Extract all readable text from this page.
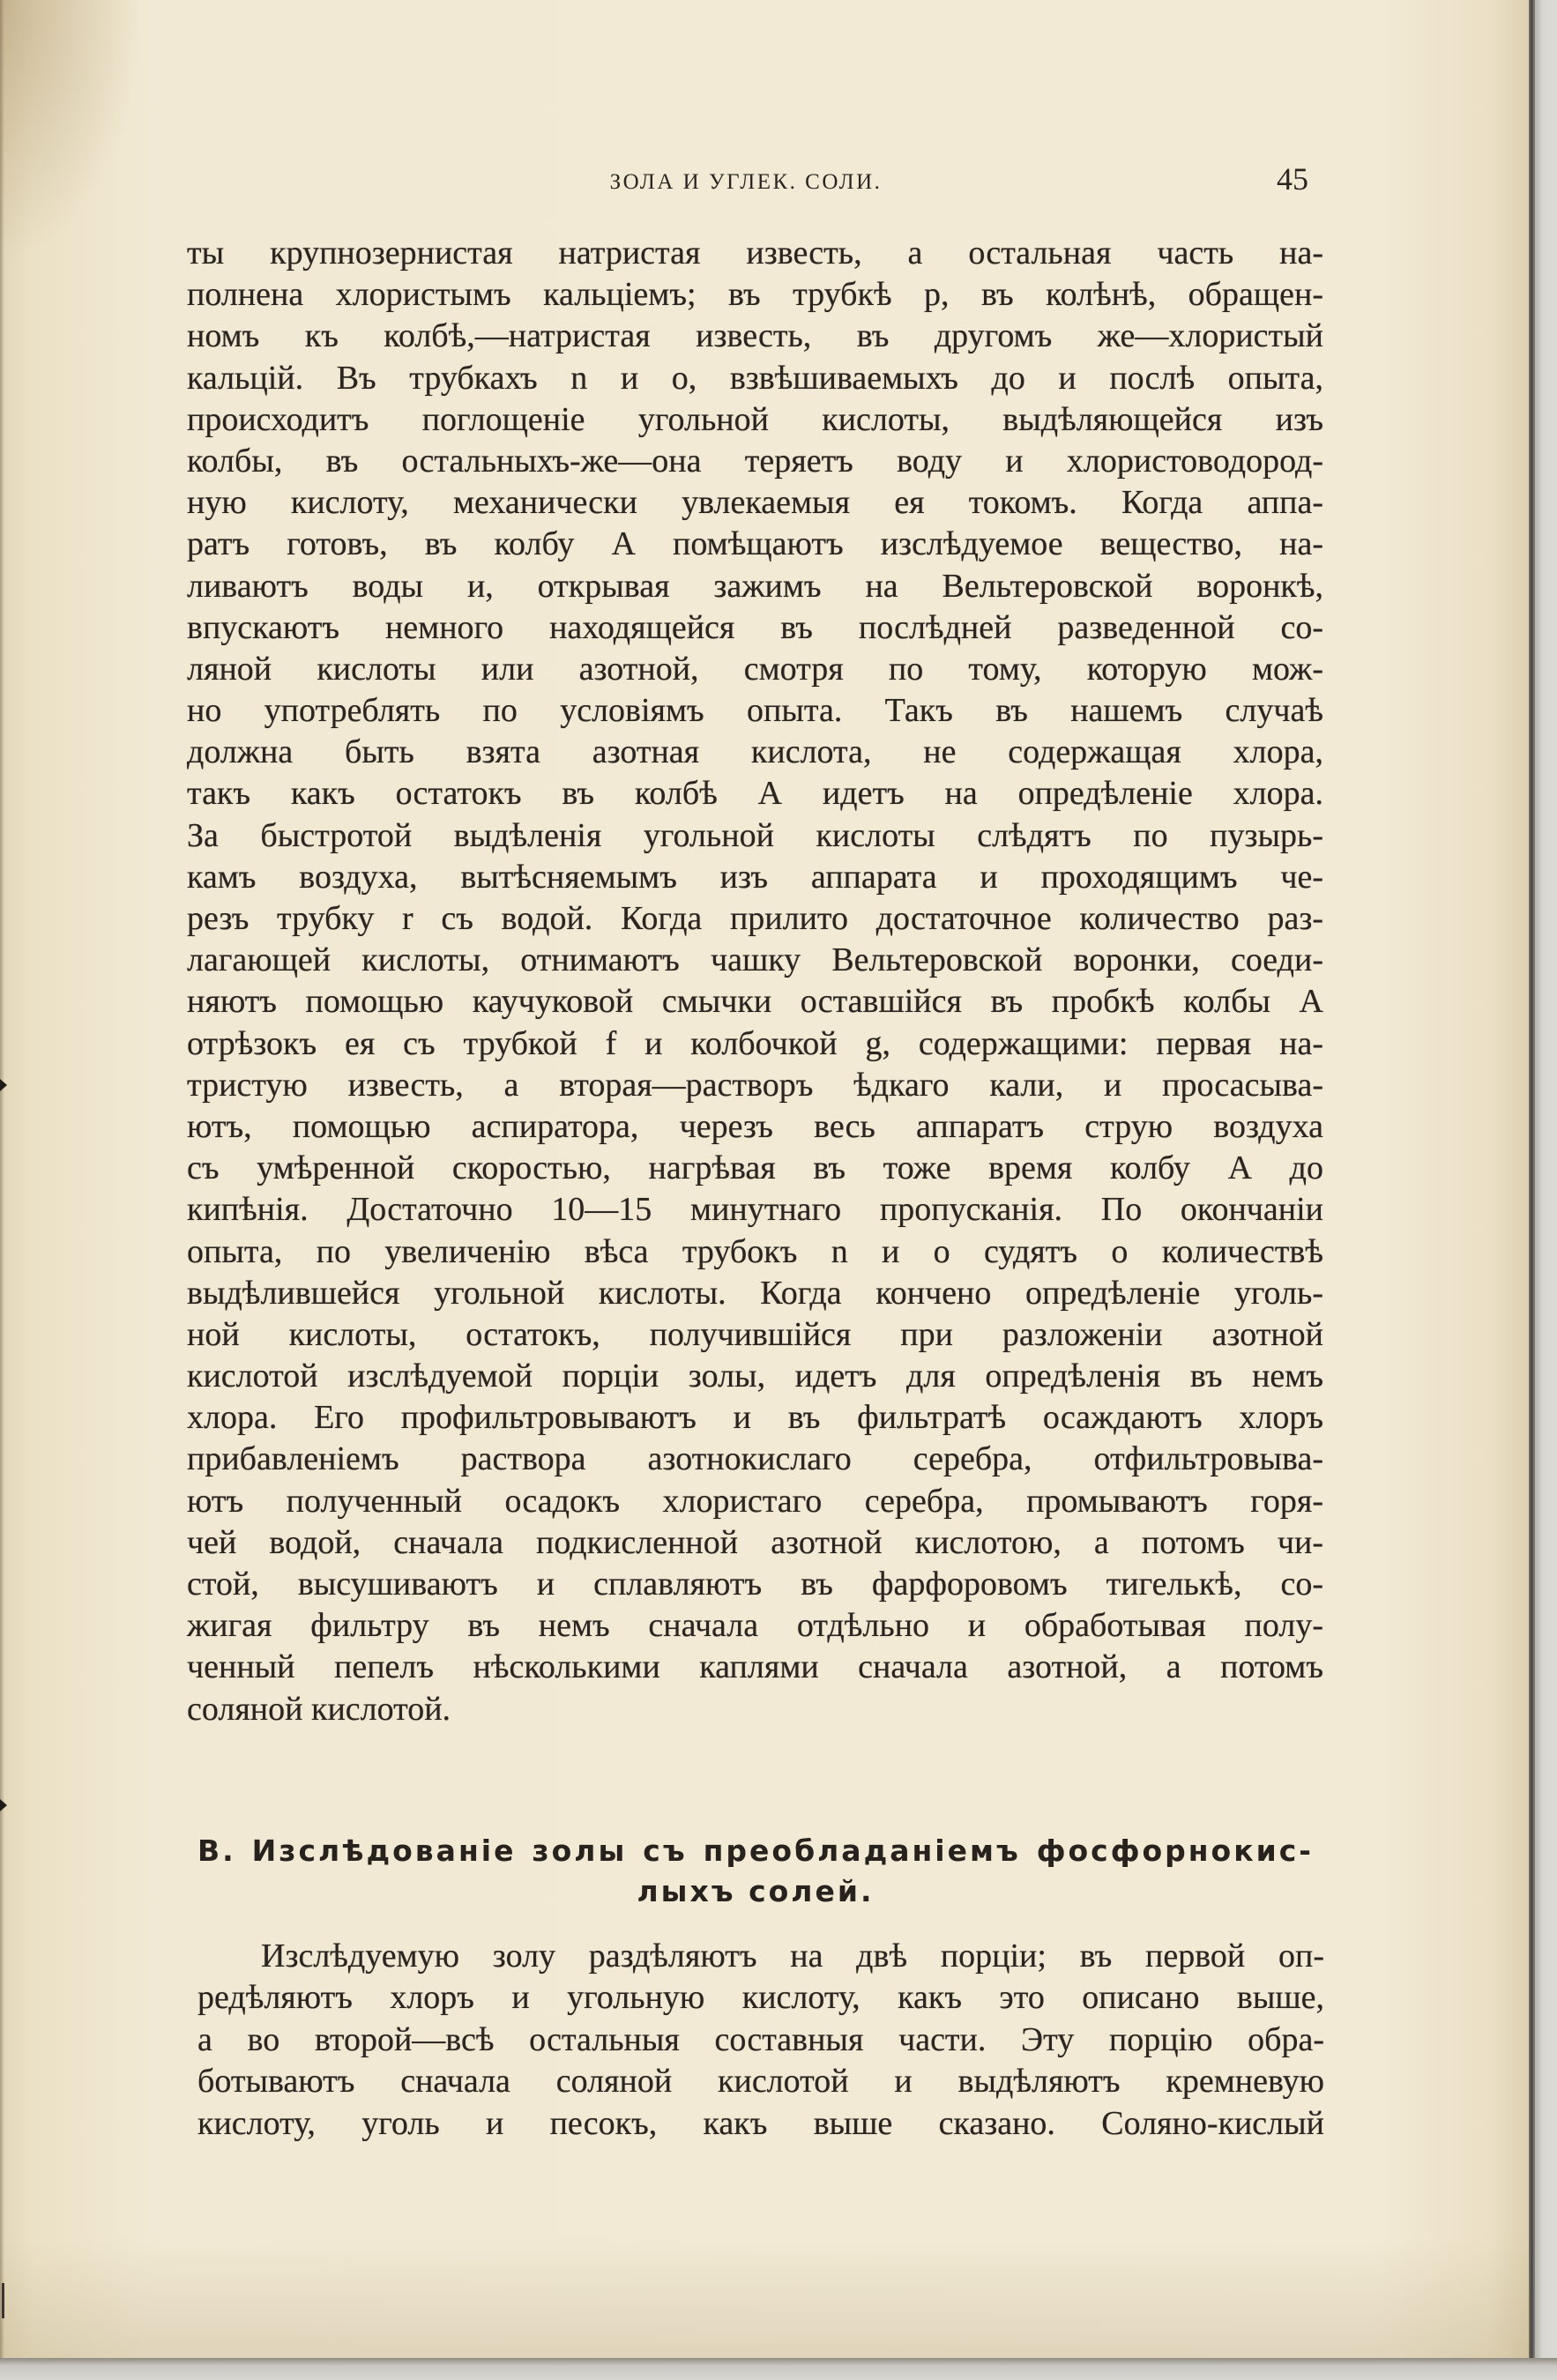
ЗОЛА И УГЛЕК. СОЛИ.	45
ты крупнозернистая натристая известь, а остальная часть на-
полнена хлористымъ кальціемъ; въ трубкѣ р, въ колѣнѣ, обращен-
номъ къ колбѣ,—натристая известь, въ другомъ же—хлористый
кальцій. Въ трубкахъ n и о, взвѣшиваемыхъ до и послѣ опыта,
происходитъ поглощеніе угольной кислоты, выдѣляющейся изъ
колбы, въ остальныхъ-же—она теряетъ воду и хлористоводород-
ную кислоту, механически увлекаемыя ея токомъ. Когда аппа-
ратъ готовъ, въ колбу А помѣщаютъ изслѣдуемое вещество, на-
ливаютъ воды и, открывая зажимъ на Вельтеровской воронкѣ,
впускаютъ немного находящейся въ послѣдней разведенной со-
ляной кислоты или азотной, смотря по тому, которую мож-
но употреблять по условіямъ опыта. Такъ въ нашемъ случаѣ
должна быть взята азотная кислота, не содержащая хлора,
такъ какъ остатокъ въ колбѣ А идетъ на опредѣленіе хлора.
За быстротой выдѣленія угольной кислоты слѣдятъ по пузырь-
камъ воздуха, вытѣсняемымъ изъ аппарата и проходящимъ че-
резъ трубку r съ водой. Когда прилито достаточное количество раз-
лагающей кислоты, отнимаютъ чашку Вельтеровской воронки, соеди-
няютъ помощью каучуковой смычки оставшійся въ пробкѣ колбы А
отрѣзокъ ея съ трубкой f и колбочкой g, содержащими: первая на-
тристую известь, а вторая—растворъ ѣдкаго кали, и просасыва-
ютъ, помощью аспиратора, черезъ весь аппаратъ струю воздуха
съ умѣренной скоростью, нагрѣвая въ тоже время колбу А до
кипѣнія. Достаточно 10—15 минутнаго пропусканія. По окончаніи
опыта, по увеличенію вѣса трубокъ n и о судятъ о количествѣ
выдѣлившейся угольной кислоты. Когда кончено опредѣленіе уголь-
ной кислоты, остатокъ, получившійся при разложеніи азотной
кислотой изслѣдуемой порціи золы, идетъ для опредѣленія въ немъ
хлора. Его профильтровываютъ и въ фильтратѣ осаждаютъ хлоръ
прибавленіемъ раствора азотнокислаго серебра, отфильтровыва-
ютъ полученный осадокъ хлористаго серебра, промываютъ горя-
чей водой, сначала подкисленной азотной кислотою, а потомъ чи-
стой, высушиваютъ и сплавляютъ въ фарфоровомъ тигелькѣ, со-
жигая фильтру въ немъ сначала отдѣльно и обработывая полу-
ченный пепелъ нѣсколькими каплями сначала азотной, а потомъ
соляной кислотой.
В. Изслѣдованіе золы съ преобладаніемъ фосфорнокис-
лыхъ солей.
Изслѣдуемую золу раздѣляютъ на двѣ порціи; въ первой оп-
редѣляютъ хлоръ и угольную кислоту, какъ это описано выше,
а во второй—всѣ остальныя составныя части. Эту порцію обра-
ботываютъ сначала соляной кислотой и выдѣляютъ кремневую
кислоту, уголь и песокъ, какъ выше сказано. Соляно-кислый
